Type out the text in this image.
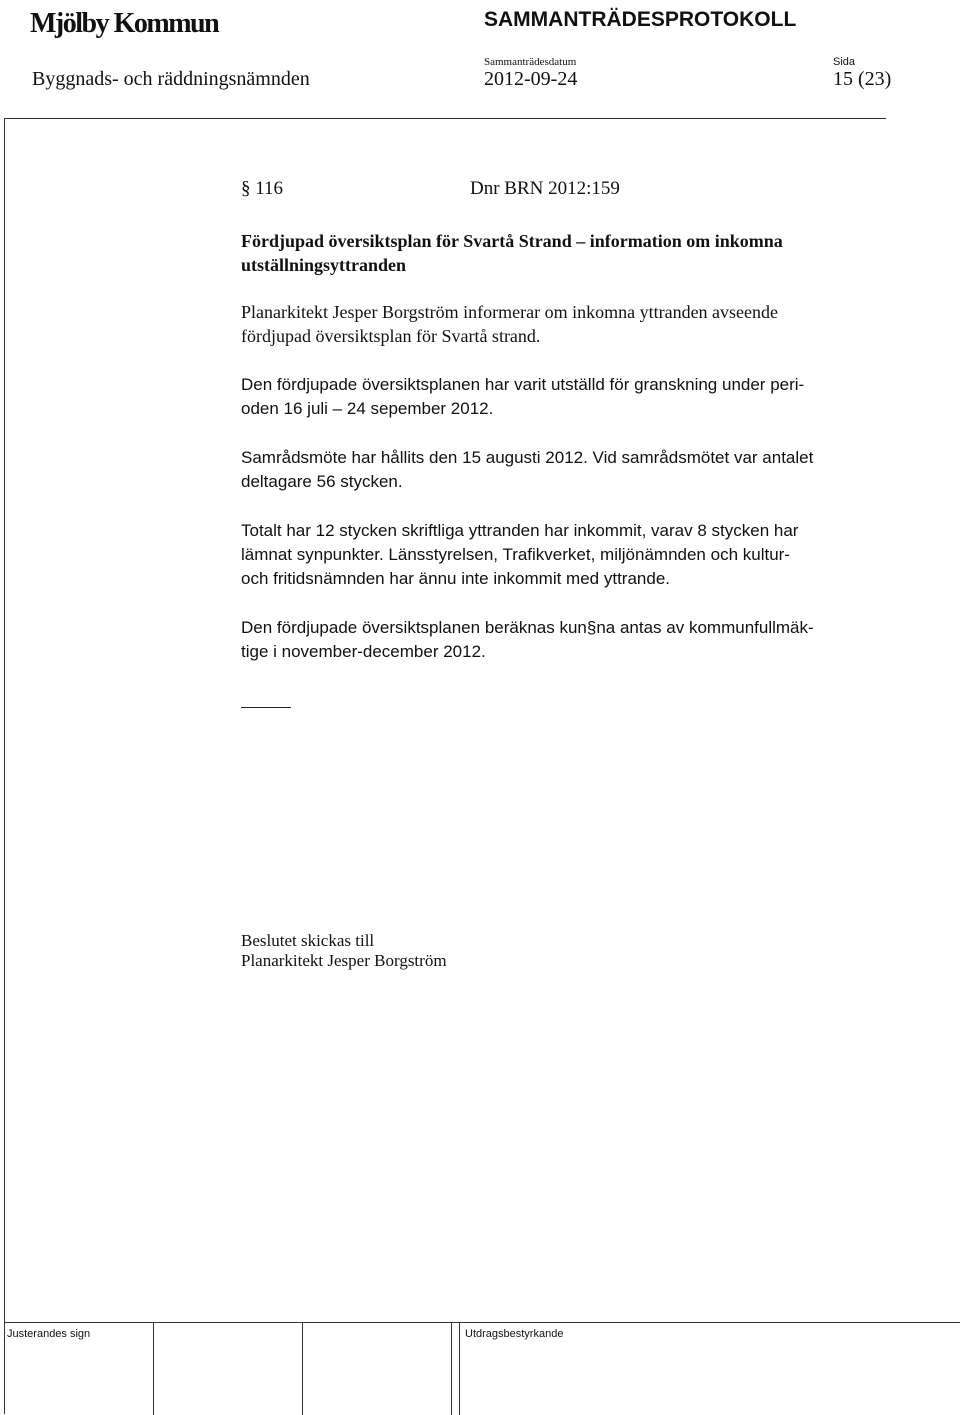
Mjölby Kommun	SAMMANTRÄDESPROTOKOLL
Byggnads- och räddningsnämnden
Sammanträdesdatum
2012-09-24
Sida
15 (23)
§ 116	Dnr BRN 2012:159
Fördjupad översiktsplan för Svartå Strand – information om inkomna utställningsyttranden
Planarkitekt Jesper Borgström informerar om inkomna yttranden avseende
fördjupad översiktsplan för Svartå strand.
Den fördjupade översiktsplanen har varit utställd för granskning under peri-
oden 16 juli – 24 sepember 2012.
Samrådsmöte har hållits den 15 augusti 2012. Vid samrådsmötet var antalet
deltagare 56 stycken.
Totalt har 12 stycken skriftliga yttranden har inkommit, varav 8 stycken har
lämnat synpunkter. Länsstyrelsen, Trafikverket, miljönämnden och kultur-
och fritidsnämnden har ännu inte inkommit med yttrande.
Den fördjupade översiktsplanen beräknas kun§na antas av kommunfullmäk-
tige i november-december 2012.
Beslutet skickas till
Planarkitekt Jesper Borgström
Justerandes sign	Utdragsbestyrkande
